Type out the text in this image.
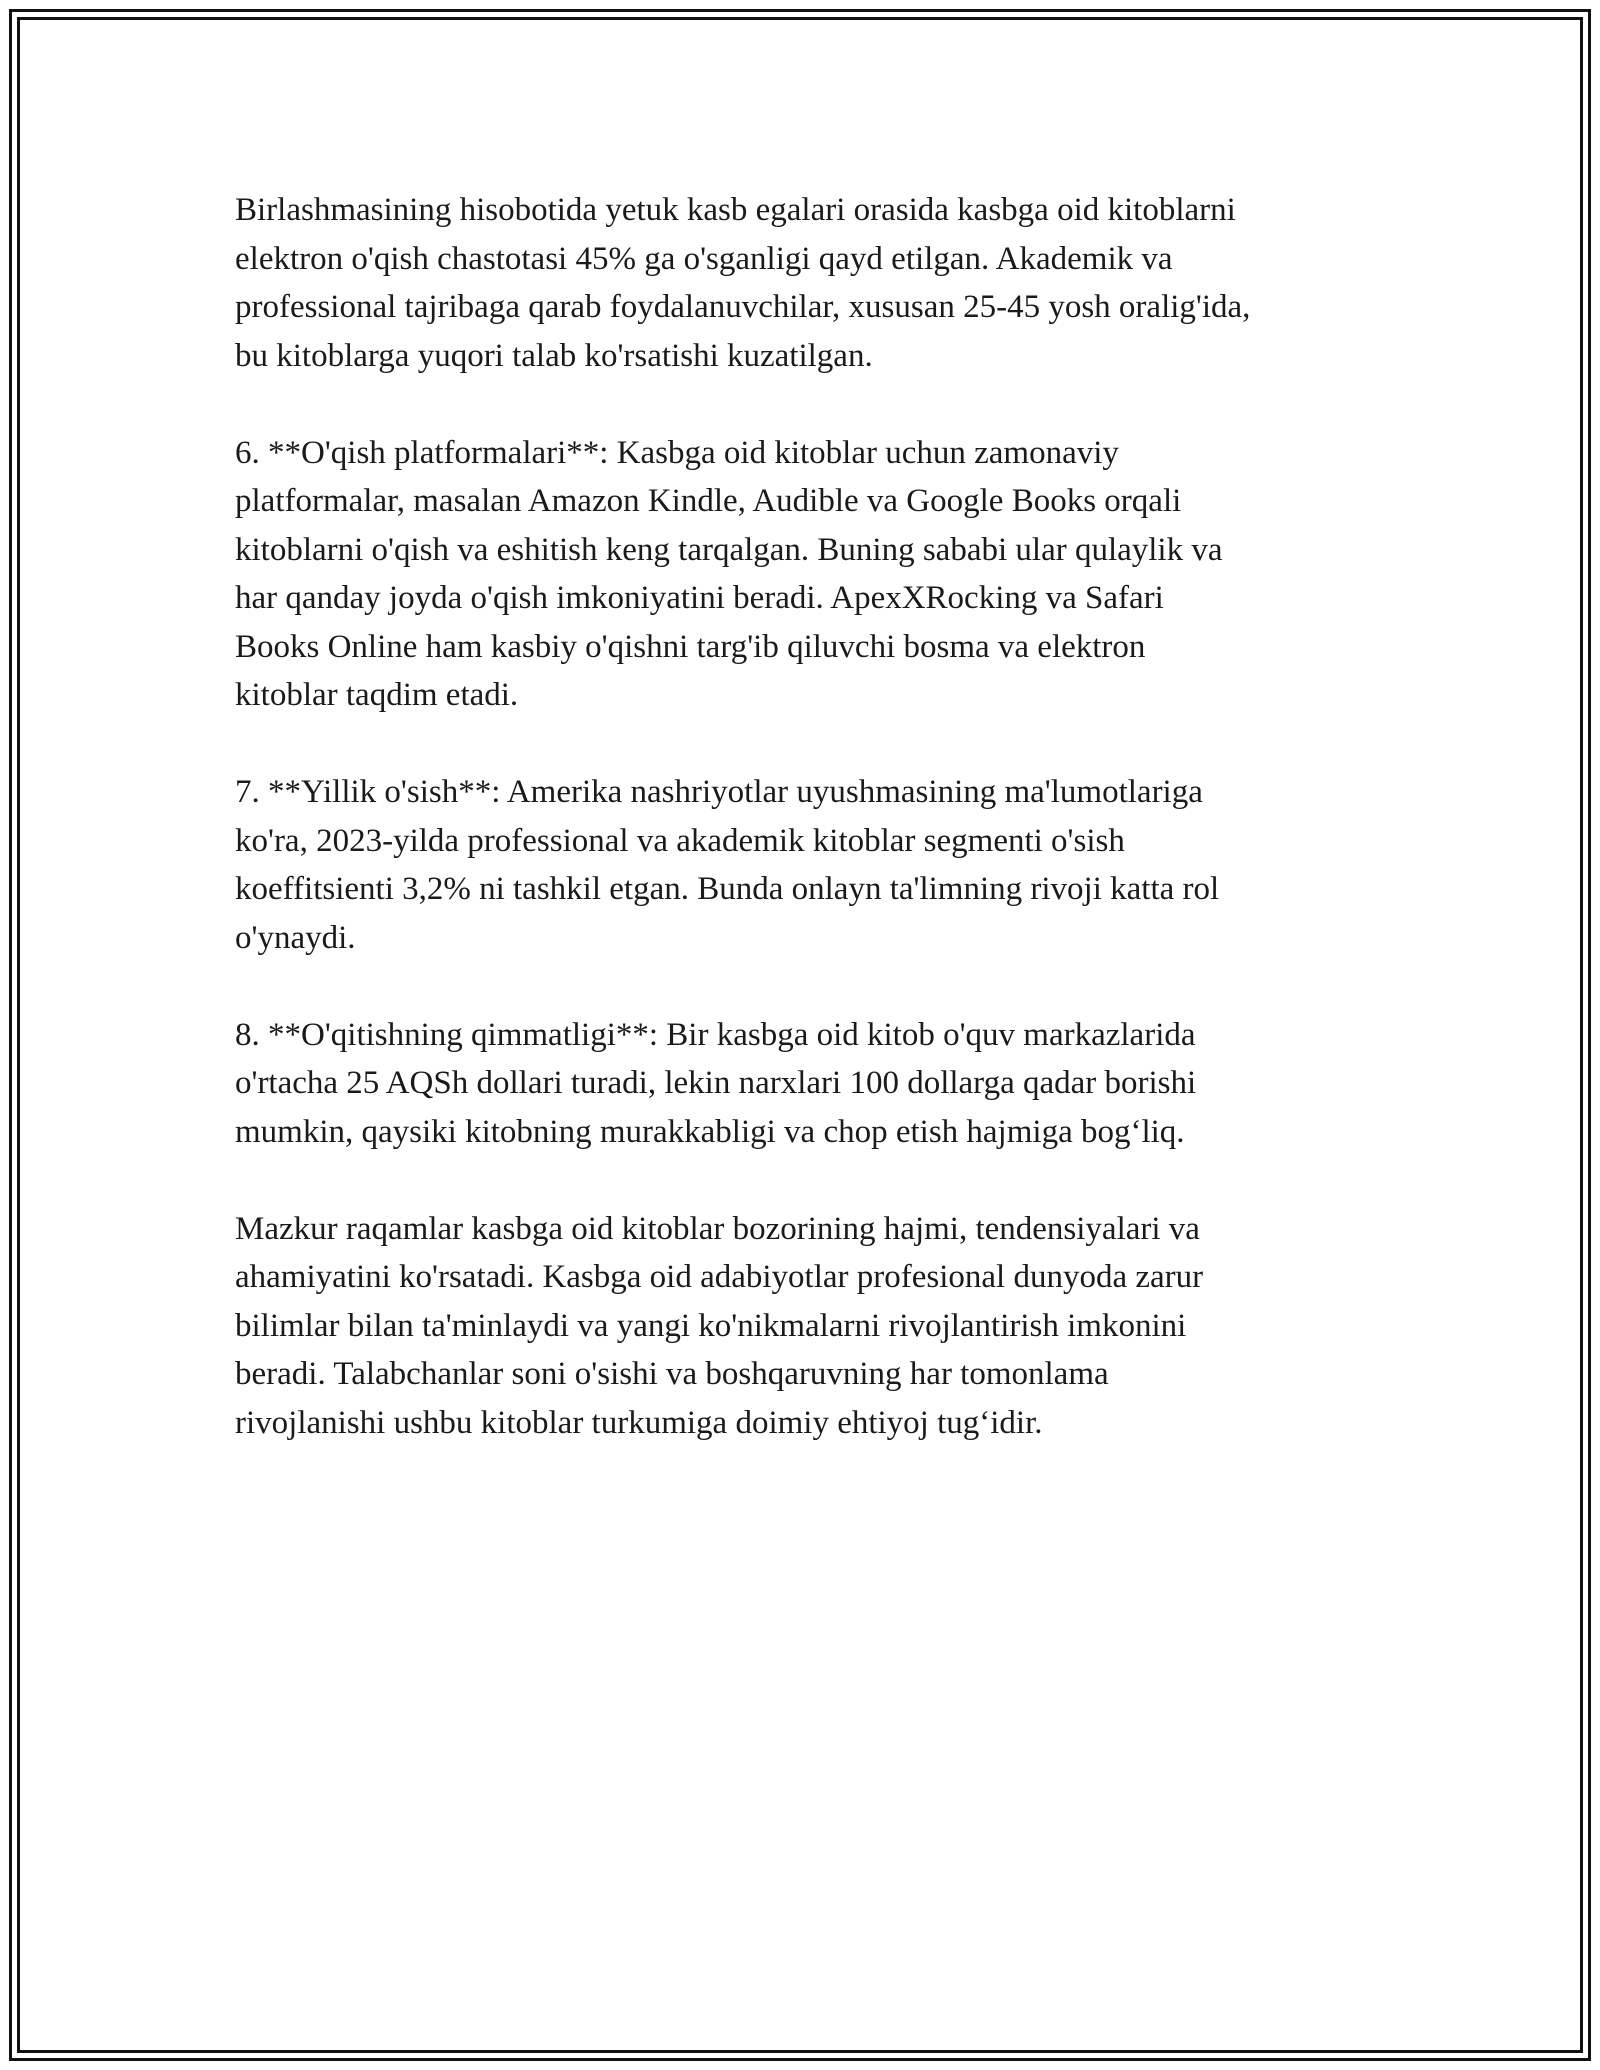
Birlashmasining hisobotida yetuk kasb egalari orasida kasbga oid kitoblarni
elektron o'qish chastotasi 45% ga o'sganligi qayd etilgan. Akademik va
professional tajribaga qarab foydalanuvchilar, xususan 25-45 yosh oralig'ida,
bu kitoblarga yuqori talab ko'rsatishi kuzatilgan.

6. **O'qish platformalari**: Kasbga oid kitoblar uchun zamonaviy
platformalar, masalan Amazon Kindle, Audible va Google Books orqali
kitoblarni o'qish va eshitish keng tarqalgan. Buning sababi ular qulaylik va
har qanday joyda o'qish imkoniyatini beradi. ApexXRocking va Safari
Books Online ham kasbiy o'qishni targ'ib qiluvchi bosma va elektron
kitoblar taqdim etadi.

7. **Yillik o'sish**: Amerika nashriyotlar uyushmasining ma'lumotlariga
ko'ra, 2023-yilda professional va akademik kitoblar segmenti o'sish
koeffitsienti 3,2% ni tashkil etgan. Bunda onlayn ta'limning rivoji katta rol
o'ynaydi.

8. **O'qitishning qimmatligi**: Bir kasbga oid kitob o'quv markazlarida
o'rtacha 25 AQSh dollari turadi, lekin narxlari 100 dollarga qadar borishi
mumkin, qaysiki kitobning murakkabligi va chop etish hajmiga bog‘liq.

Mazkur raqamlar kasbga oid kitoblar bozorining hajmi, tendensiyalari va
ahamiyatini ko'rsatadi. Kasbga oid adabiyotlar profesional dunyoda zarur
bilimlar bilan ta'minlaydi va yangi ko'nikmalarni rivojlantirish imkonini
beradi. Talabchanlar soni o'sishi va boshqaruvning har tomonlama
rivojlanishi ushbu kitoblar turkumiga doimiy ehtiyoj tug‘idir.
